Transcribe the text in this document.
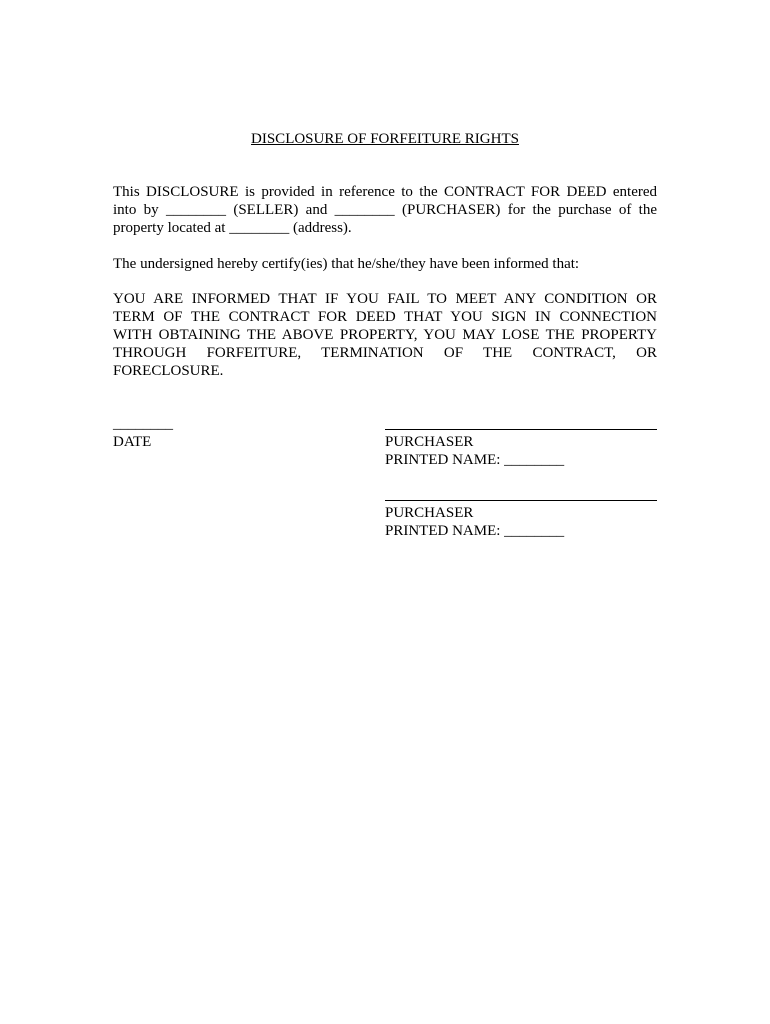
DISCLOSURE OF FORFEITURE RIGHTS
This DISCLOSURE is provided in reference to the CONTRACT FOR DEED entered
into by ________ (SELLER) and ________ (PURCHASER) for the purchase of the
property located at ________ (address).
The undersigned hereby certify(ies) that he/she/they have been informed that:
YOU ARE INFORMED THAT IF YOU FAIL TO MEET ANY CONDITION OR
TERM OF THE CONTRACT FOR DEED THAT YOU SIGN IN CONNECTION
WITH OBTAINING THE ABOVE PROPERTY, YOU MAY LOSE THE PROPERTY
THROUGH FORFEITURE, TERMINATION OF THE CONTRACT, OR
FORECLOSURE.
________
DATE	PURCHASER
PRINTED NAME: ________
PURCHASER
PRINTED NAME: ________
